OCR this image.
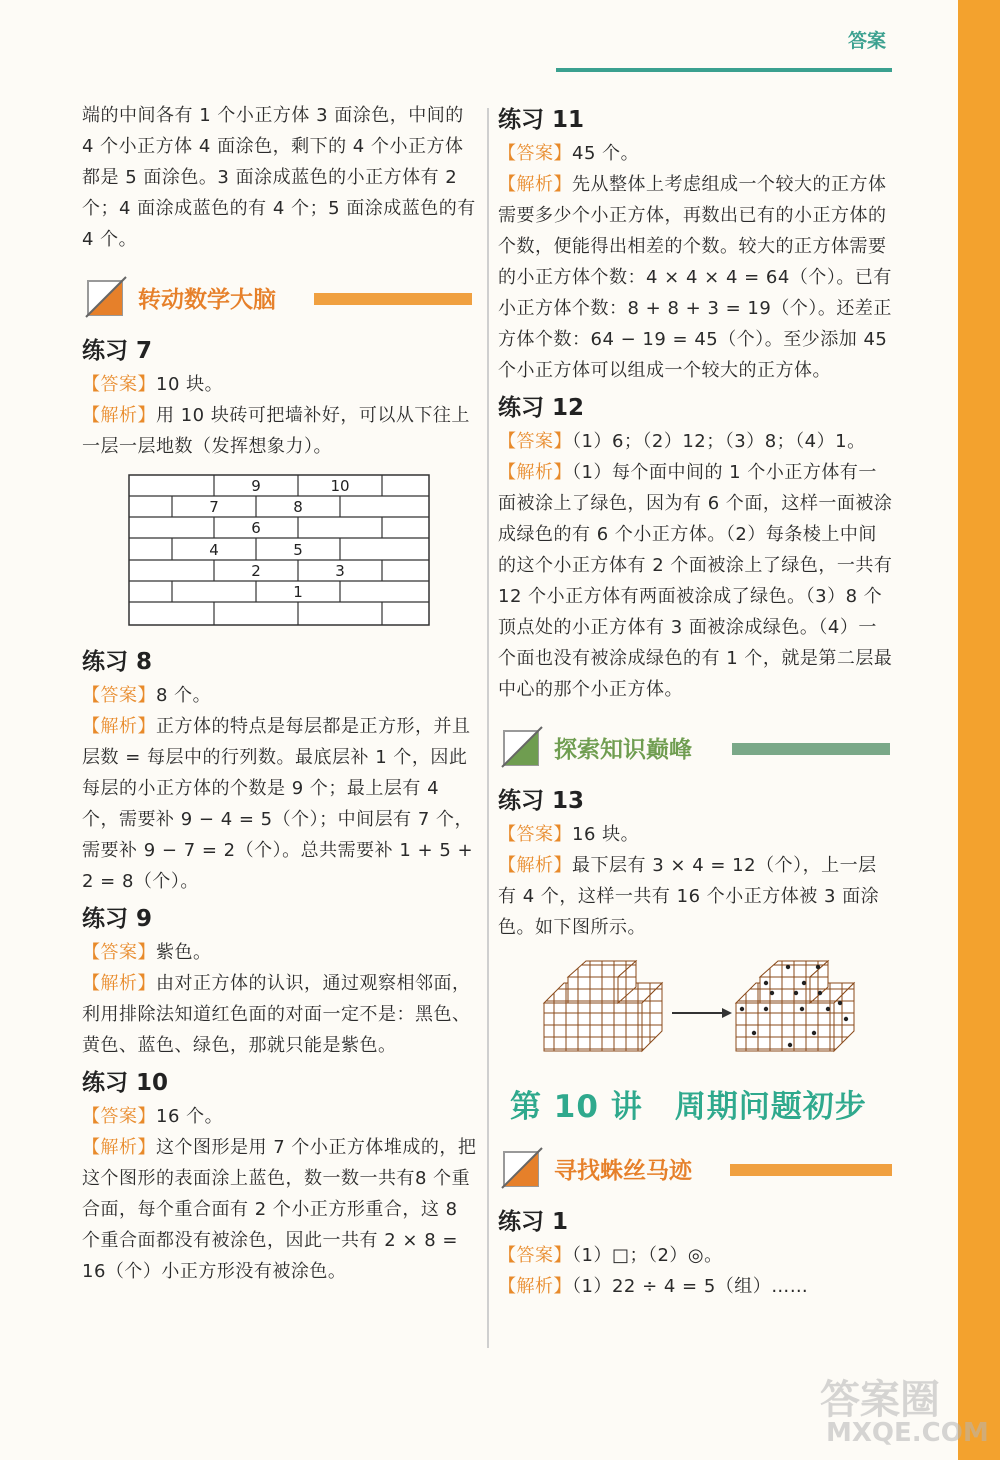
答案

端的中间各有 1 个小正方体 3 面涂色，中间的 4 个小正方体 4 面涂色，剩下的 4 个小正方体都是 5 面涂色。3 面涂成蓝色的小正方体有 2 个；4 面涂成蓝色的有 4 个；5 面涂成蓝色的有 4 个。

转动数学大脑
练习 7

【答案】10 块。

【解析】用 10 块砖可把墙补好，可以从下往上一层一层地数（发挥想象力）。

9	10
7	8
6
4	5
2	3
1
练习 8

【答案】8 个。

【解析】正方体的特点是每层都是正方形，并且层数 = 每层中的行列数。最底层补 1 个，因此每层的小正方体的个数是 9 个；最上层有 4 个，需要补 9 − 4 = 5（个）；中间层有 7 个，需要补 9 − 7 = 2（个）。总共需要补 1 + 5 + 2 = 8（个）。

练习 9

【答案】紫色。

【解析】由对正方体的认识，通过观察相邻面，利用排除法知道红色面的对面一定不是：黑色、黄色、蓝色、绿色，那就只能是紫色。

练习 10

【答案】16 个。

【解析】这个图形是用 7 个小正方体堆成的，把这个图形的表面涂上蓝色，数一数一共有8 个重合面，每个重合面有 2 个小正方形重合，这 8 个重合面都没有被涂色，因此一共有 2 × 8 = 16（个）小正方形没有被涂色。

练习 11

【答案】45 个。

【解析】先从整体上考虑组成一个较大的正方体需要多少个小正方体，再数出已有的小正方体的个数，便能得出相差的个数。较大的正方体需要的小正方体个数：4 × 4 × 4 = 64（个）。已有小正方体个数：8 + 8 + 3 = 19（个）。还差正方体个数：64 − 19 = 45（个）。至少添加 45 个小正方体可以组成一个较大的正方体。

练习 12

【答案】（1）6；（2）12；（3）8；（4）1。

【解析】（1）每个面中间的 1 个小正方体有一面被涂上了绿色，因为有 6 个面，这样一面被涂成绿色的有 6 个小正方体。（2）每条棱上中间的这个小正方体有 2 个面被涂上了绿色，一共有 12 个小正方体有两面被涂成了绿色。（3）8 个顶点处的小正方体有 3 面被涂成绿色。（4）一个面也没有被涂成绿色的有 1 个，就是第二层最中心的那个小正方体。

探索知识巅峰
练习 13

【答案】16 块。

【解析】最下层有 3 × 4 = 12（个），上一层有 4 个，这样一共有 16 个小正方体被 3 面涂色。如下图所示。

第 10 讲　周期问题初步
寻找蛛丝马迹
练习 1

【答案】（1）□；（2）◎。

【解析】（1）22 ÷ 4 = 5（组）……

答案圈
MXQE.COM
